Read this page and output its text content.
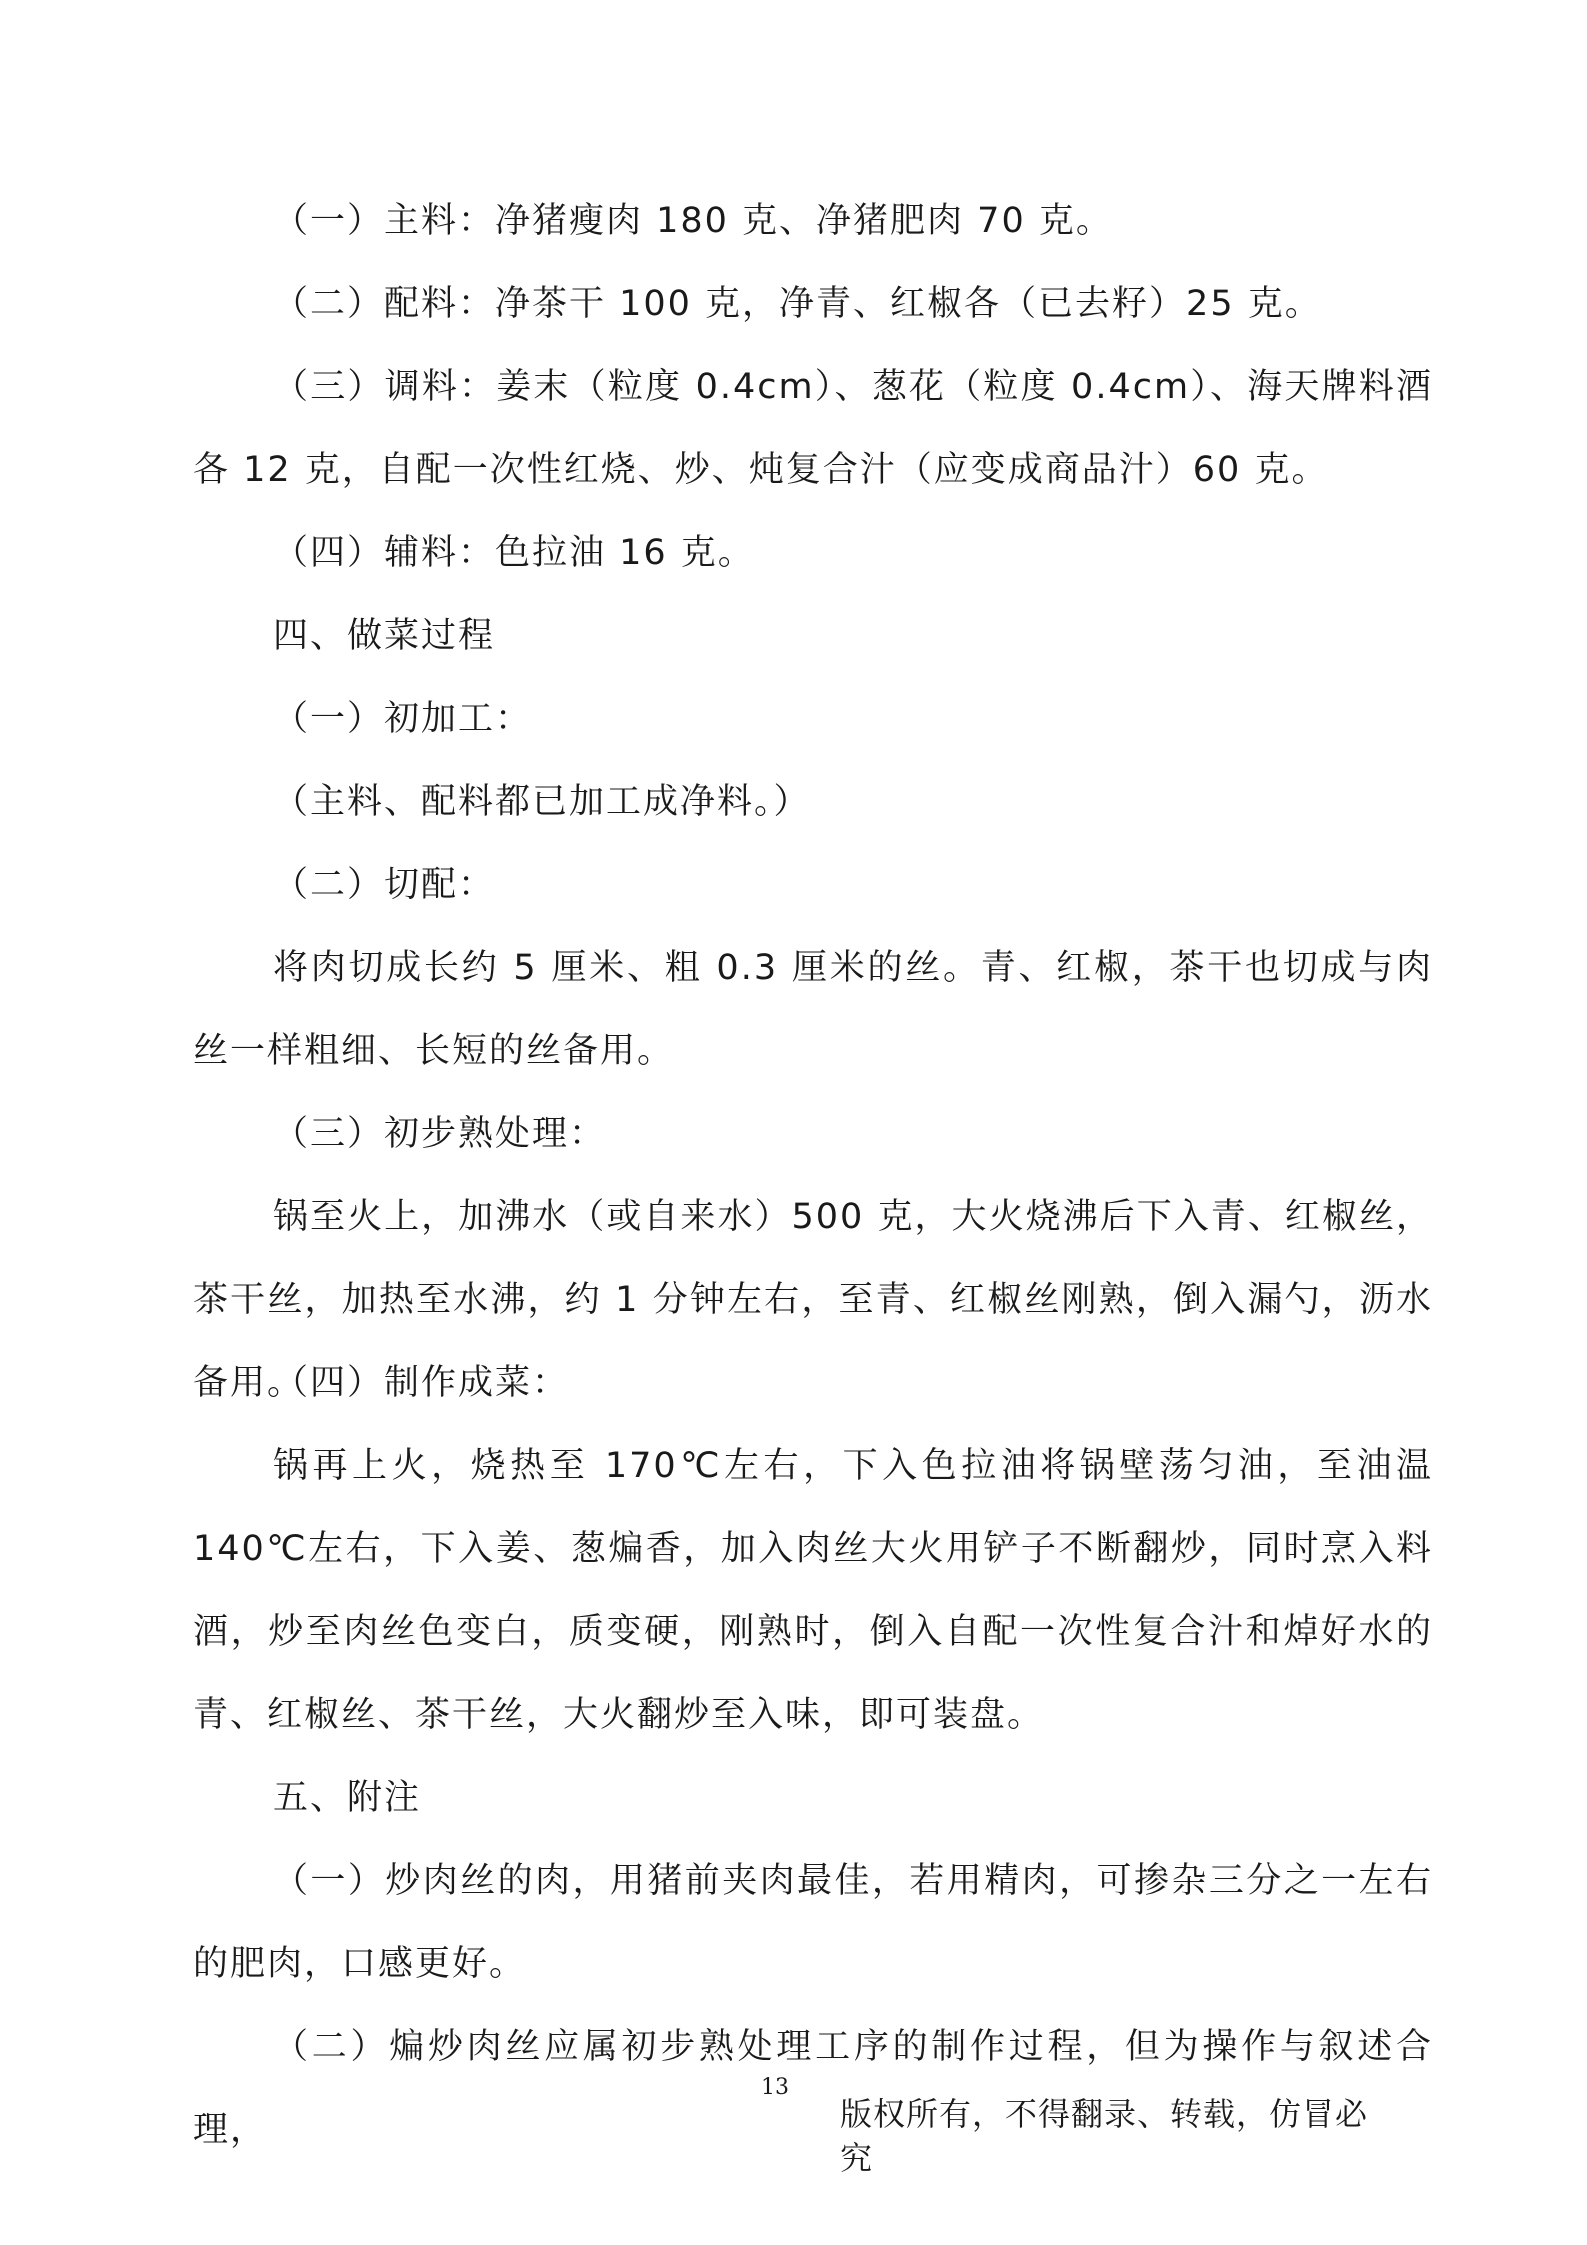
（一）主料：净猪瘦肉 180 克、净猪肥肉 70 克。

（二）配料：净茶干 100 克，净青、红椒各（已去籽）25 克。

（三）调料：姜末（粒度 0.4cm）、葱花（粒度 0.4cm）、海天牌料酒各 12 克，自配一次性红烧、炒、炖复合汁（应变成商品汁）60 克。

（四）辅料：色拉油 16 克。

四、做菜过程

（一）初加工：

（主料、配料都已加工成净料。）

（二）切配：

将肉切成长约 5 厘米、粗 0.3 厘米的丝。青、红椒，茶干也切成与肉丝一样粗细、长短的丝备用。

（三）初步熟处理：

锅至火上，加沸水（或自来水）500 克，大火烧沸后下入青、红椒丝，茶干丝，加热至水沸，约 1 分钟左右，至青、红椒丝刚熟，倒入漏勺，沥水备用。

（四）制作成菜：

锅再上火，烧热至 170℃左右，下入色拉油将锅壁荡匀油，至油温 140℃左右，下入姜、葱煸香，加入肉丝大火用铲子不断翻炒，同时烹入料酒，炒至肉丝色变白，质变硬，刚熟时，倒入自配一次性复合汁和焯好水的青、红椒丝、茶干丝，大火翻炒至入味，即可装盘。

五、附注

（一）炒肉丝的肉，用猪前夹肉最佳，若用精肉，可掺杂三分之一左右的肥肉，口感更好。

（二）煸炒肉丝应属初步熟处理工序的制作过程，但为操作与叙述合理，

13
版权所有，不得翻录、转载，仿冒必究
